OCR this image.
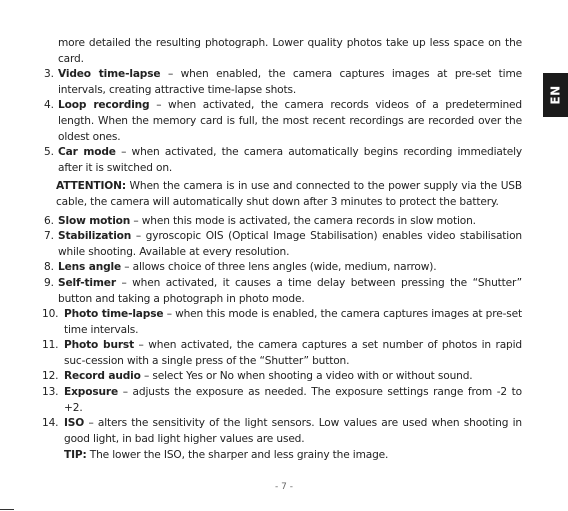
more detailed the resulting photograph. Lower quality photos take up less space on the card.
3. Video time-lapse – when enabled, the camera captures images at pre-set time intervals, creating attractive time-lapse shots.
4. Loop recording – when activated, the camera records videos of a predetermined length. When the memory card is full, the most recent recordings are recorded over the oldest ones.
5. Car mode – when activated, the camera automatically begins recording immediately after it is switched on.
ATTENTION: When the camera is in use and connected to the power supply via the USB cable, the camera will automatically shut down after 3 minutes to protect the battery.
6. Slow motion – when this mode is activated, the camera records in slow motion.
7. Stabilization – gyroscopic OIS (Optical Image Stabilisation) enables video stabilisation while shooting. Available at every resolution.
8. Lens angle – allows choice of three lens angles (wide, medium, narrow).
9. Self-timer – when activated, it causes a time delay between pressing the “Shutter” button and taking a photograph in photo mode.
10. Photo time-lapse – when this mode is enabled, the camera captures images at pre-set time intervals.
11. Photo burst – when activated, the camera captures a set number of photos in rapid suc-cession with a single press of the “Shutter” button.
12. Record audio – select Yes or No when shooting a video with or without sound.
13. Exposure – adjusts the exposure as needed. The exposure settings range from -2 to +2.
14. ISO – alters the sensitivity of the light sensors. Low values are used when shooting in good light, in bad light higher values are used.
TIP: The lower the ISO, the sharper and less grainy the image.
EN
- 7 -
